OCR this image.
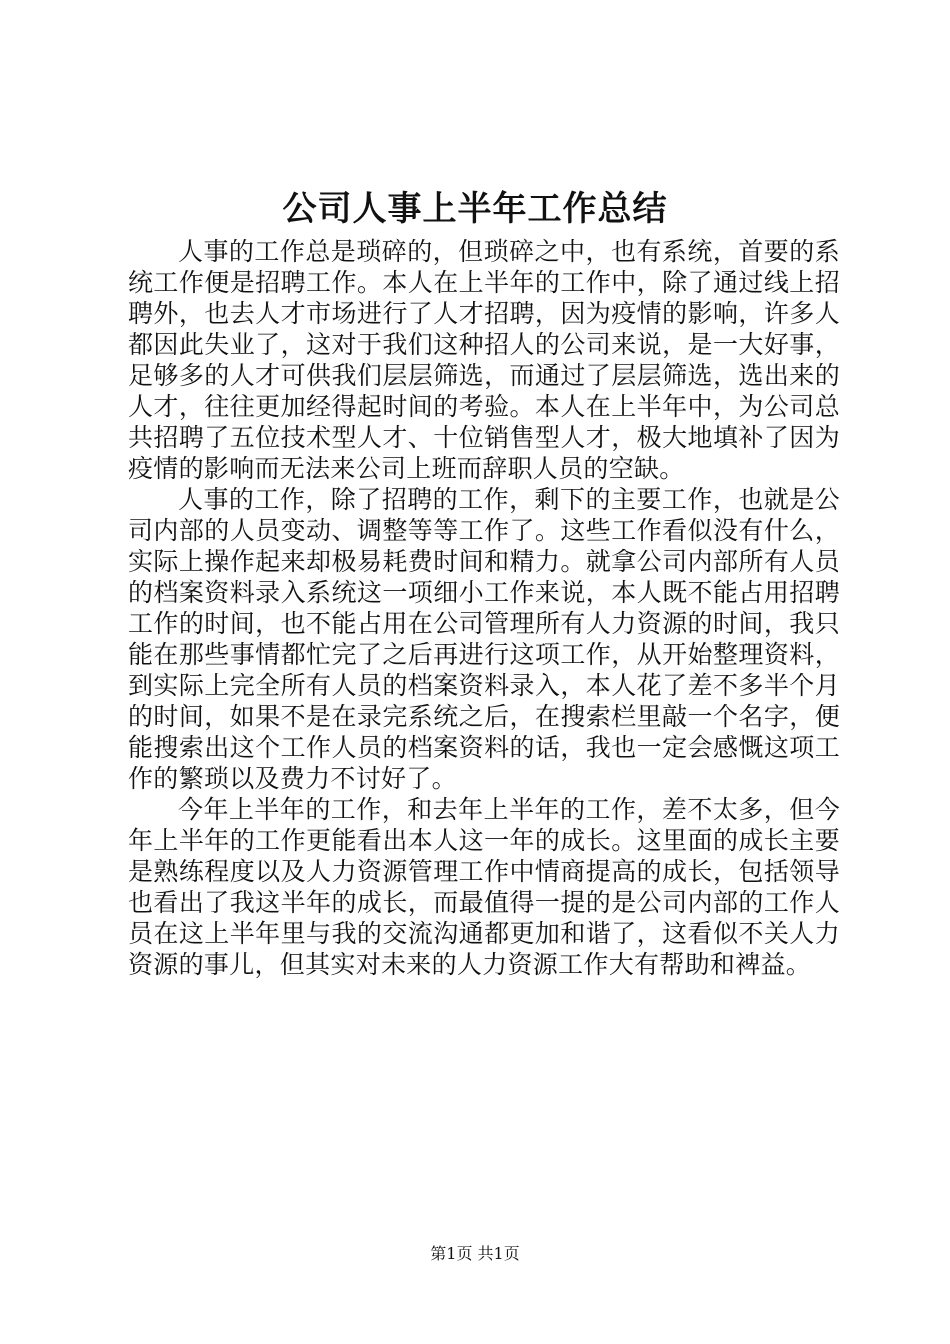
公司人事上半年工作总结

人事的工作总是琐碎的，但琐碎之中，也有系统，首要的系统工作便是招聘工作。本人在上半年的工作中，除了通过线上招聘外，也去人才市场进行了人才招聘，因为疫情的影响，许多人都因此失业了，这对于我们这种招人的公司来说，是一大好事，足够多的人才可供我们层层筛选，而通过了层层筛选，选出来的人才，往往更加经得起时间的考验。本人在上半年中，为公司总共招聘了五位技术型人才、十位销售型人才，极大地填补了因为疫情的影响而无法来公司上班而辞职人员的空缺。

人事的工作，除了招聘的工作，剩下的主要工作，也就是公司内部的人员变动、调整等等工作了。这些工作看似没有什么，实际上操作起来却极易耗费时间和精力。就拿公司内部所有人员的档案资料录入系统这一项细小工作来说，本人既不能占用招聘工作的时间，也不能占用在公司管理所有人力资源的时间，我只能在那些事情都忙完了之后再进行这项工作，从开始整理资料，到实际上完全所有人员的档案资料录入，本人花了差不多半个月的时间，如果不是在录完系统之后，在搜索栏里敲一个名字，便能搜索出这个工作人员的档案资料的话，我也一定会感慨这项工作的繁琐以及费力不讨好了。

今年上半年的工作，和去年上半年的工作，差不太多，但今年上半年的工作更能看出本人这一年的成长。这里面的成长主要是熟练程度以及人力资源管理工作中情商提高的成长，包括领导也看出了我这半年的成长，而最值得一提的是公司内部的工作人员在这上半年里与我的交流沟通都更加和谐了，这看似不关人力资源的事儿，但其实对未来的人力资源工作大有帮助和裨益。

第1页 共1页
